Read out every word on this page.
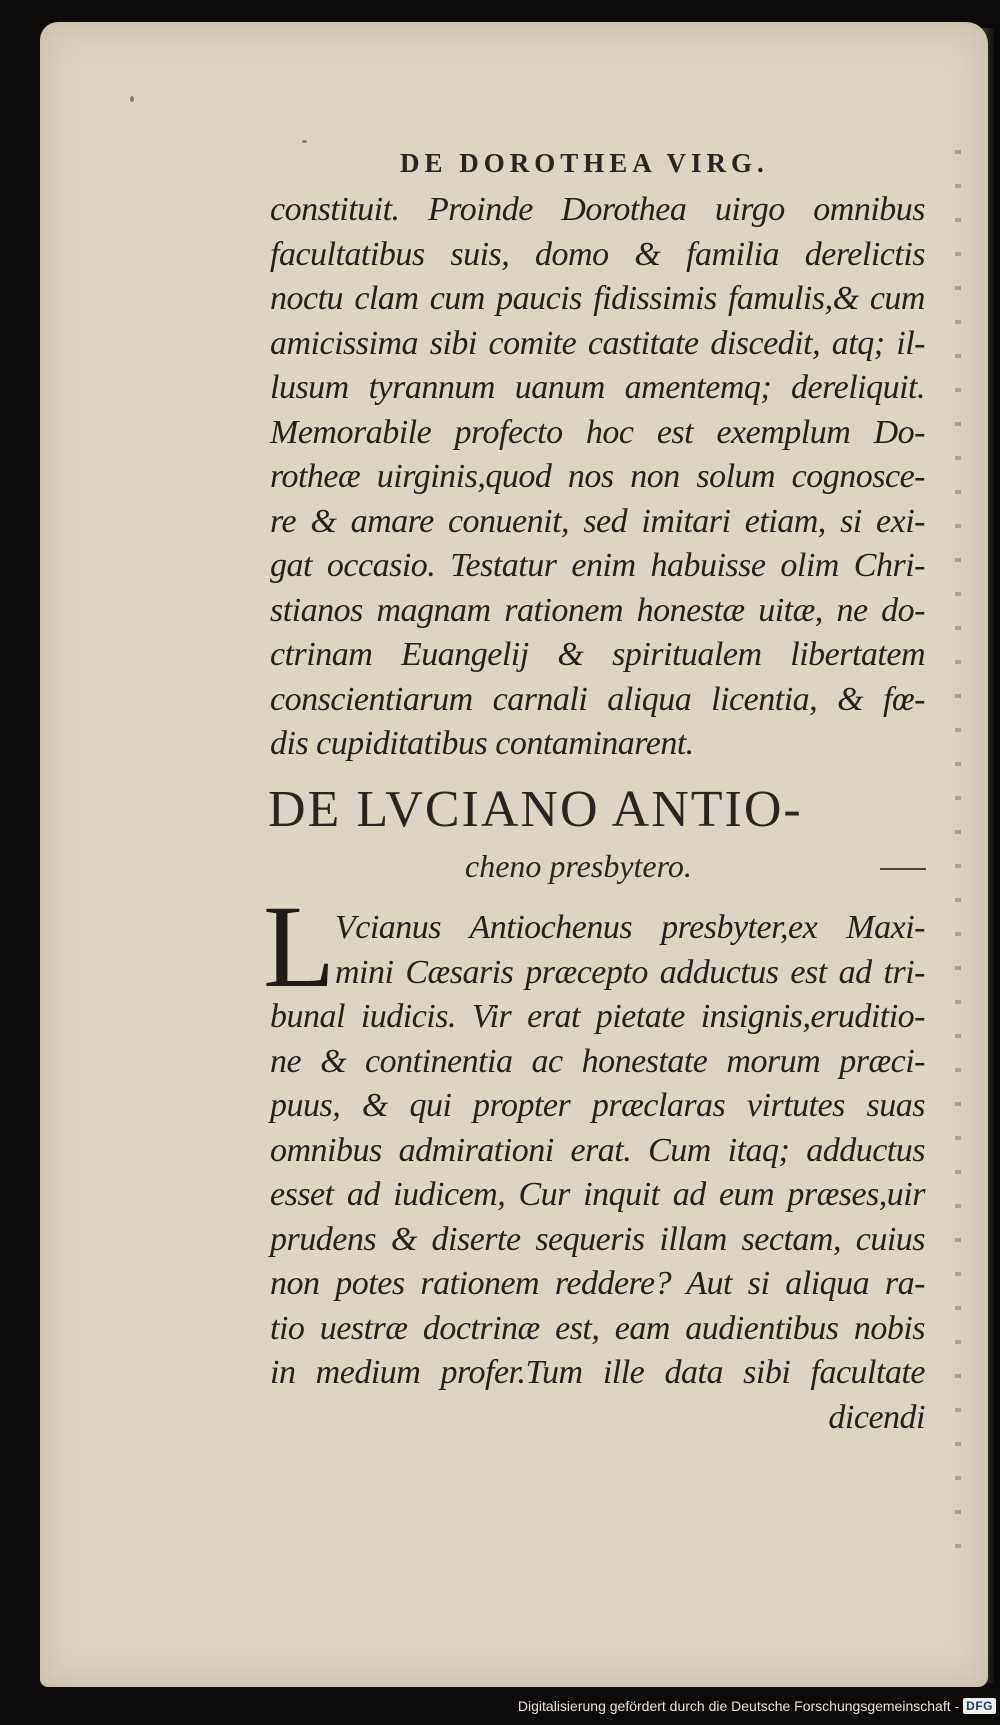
DE DOROTHEA VIRG.
constituit. Proinde Dorothea uirgo omnibus
facultatibus suis, domo & familia derelictis
noctu clam cum paucis fidissimis famulis,& cum
amicissima sibi comite castitate discedit, atq; il-
lusum tyrannum uanum amentemq; dereliquit.
Memorabile profecto hoc est exemplum Do-
rotheæ uirginis,quod nos non solum cognosce-
re & amare conuenit, sed imitari etiam, si exi-
gat occasio. Testatur enim habuisse olim Chri-
stianos magnam rationem honestæ uitæ, ne do-
ctrinam Euangelij & spiritualem libertatem
conscientiarum carnali aliqua licentia, & fœ-
dis cupiditatibus contaminarent.
DE LVCIANO ANTIO-
cheno presbytero.
L Vcianus Antiochenus presbyter,ex Maxi-
mini Cæsaris præcepto adductus est ad tri-
bunal iudicis. Vir erat pietate insignis,eruditio-
ne & continentia ac honestate morum præci-
puus, & qui propter præclaras virtutes suas
omnibus admirationi erat. Cum itaq; adductus
esset ad iudicem, Cur inquit ad eum præses,uir
prudens & diserte sequeris illam sectam, cuius
non potes rationem reddere? Aut si aliqua ra-
tio uestræ doctrinæ est, eam audientibus nobis
in medium profer.Tum ille data sibi facultate
dicendi
Digitalisierung gefördert durch die Deutsche Forschungsgemeinschaft - DFG
